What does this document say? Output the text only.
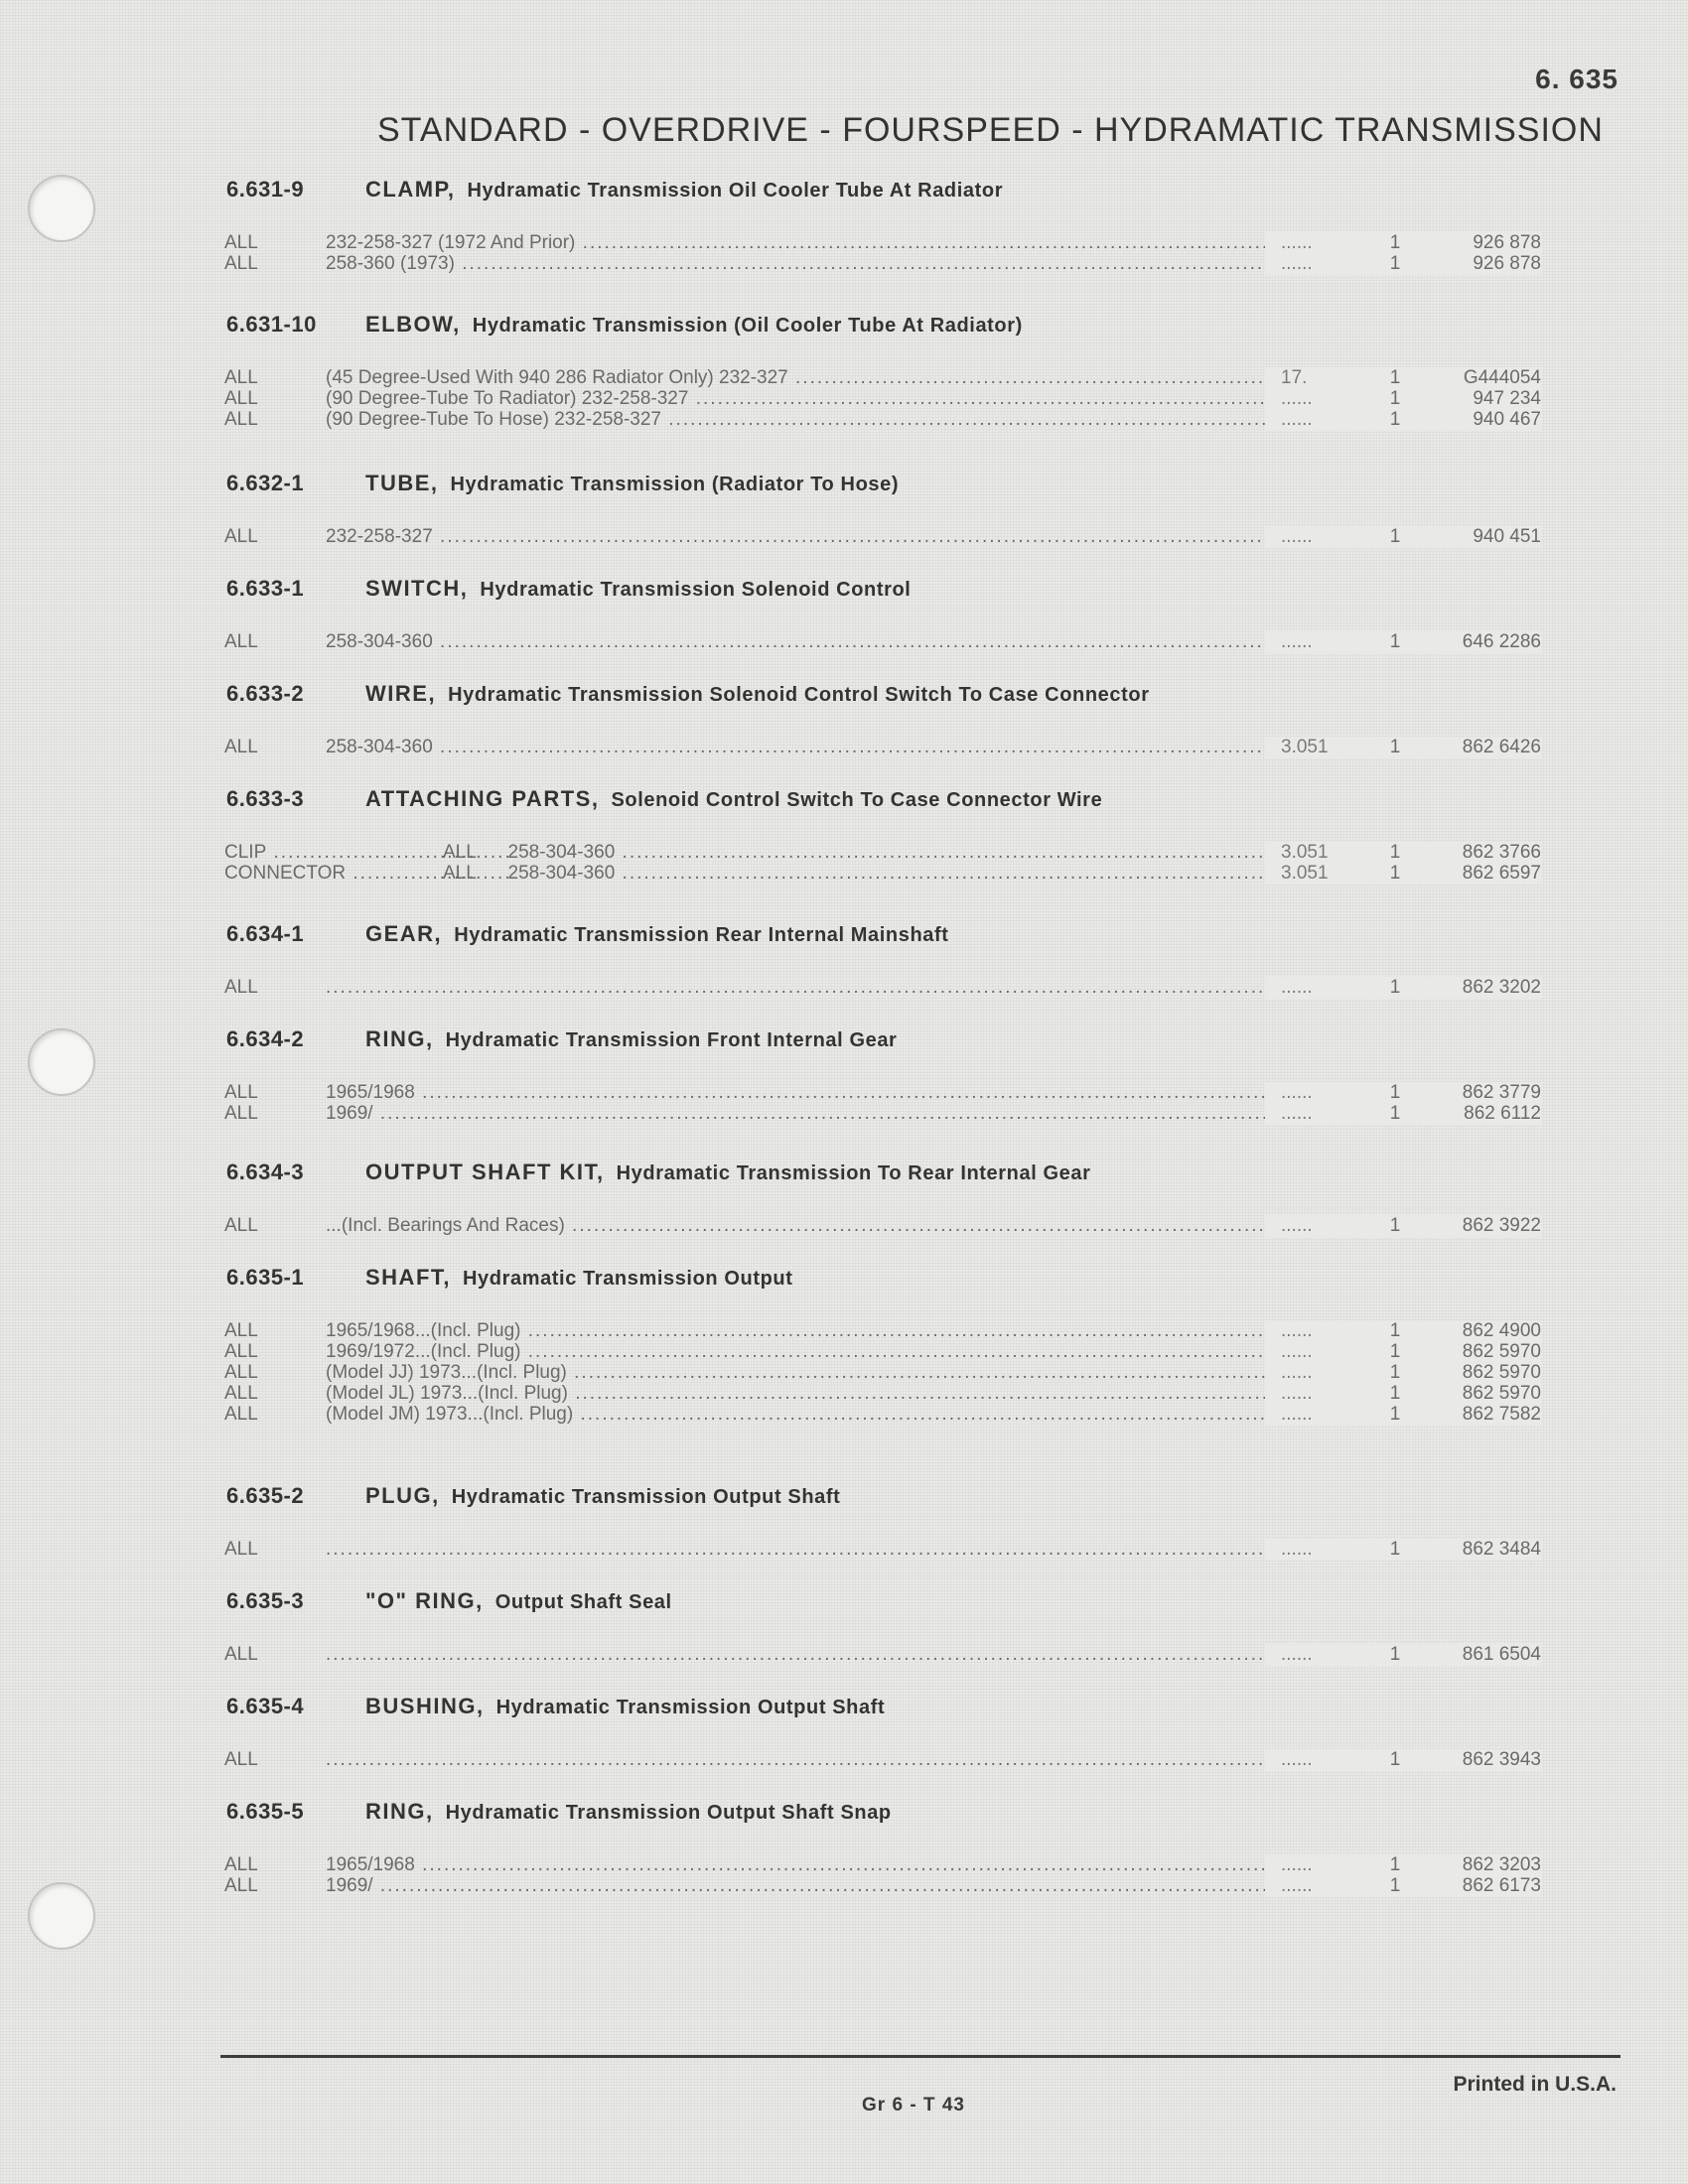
6. 635
STANDARD - OVERDRIVE - FOURSPEED - HYDRAMATIC TRANSMISSION
6.631-9	CLAMP, Hydramatic Transmission Oil Cooler Tube At Radiator
ALL	232-258-327 (1972 And Prior) .....	......	1	926 878
ALL	258-360 (1973) .....	......	1	926 878
6.631-10 ELBOW, Hydramatic Transmission (Oil Cooler Tube At Radiator)
ALL	(45 Degree-Used With 940 286 Radiator Only) 232-327 .....	17.	1	G444054
ALL	(90 Degree-Tube To Radiator) 232-258-327 .....	......	1	947 234
ALL	(90 Degree-Tube To Hose) 232-258-327 .....	......	1	940 467
6.632-1	TUBE, Hydramatic Transmission (Radiator To Hose)
ALL	232-258-327 .....	......	1	940 451
6.633-1	SWITCH, Hydramatic Transmission Solenoid Control
ALL	258-304-360 .....	......	1	646 2286
6.633-2	WIRE, Hydramatic Transmission Solenoid Control Switch To Case Connector
ALL	258-304-360 .....	3.051	1	862 6426
6.633-3	ATTACHING PARTS, Solenoid Control Switch To Case Connector Wire
CLIP .....	ALL 258-304-360 .....	3.051	1	862 3766
CONNECTOR .....	ALL 258-304-360 .....	3.051	1	862 6597
6.634-1	GEAR, Hydramatic Transmission Rear Internal Mainshaft
ALL .....	......	1	862 3202
6.634-2	RING, Hydramatic Transmission Front Internal Gear
ALL	1965/1968 .....	......	1	862 3779
ALL	1969/ .....	......	1	862 6112
6.634-3	OUTPUT SHAFT KIT, Hydramatic Transmission To Rear Internal Gear
ALL	...(Incl. Bearings And Races) .....	......	1	862 3922
6.635-1	SHAFT, Hydramatic Transmission Output
ALL	1965/1968...(Incl. Plug) .....	......	1	862 4900
ALL	1969/1972...(Incl. Plug) .....	......	1	862 5970
ALL	(Model JJ) 1973...(Incl. Plug) .....	......	1	862 5970
ALL	(Model JL) 1973...(Incl. Plug) .....	......	1	862 5970
ALL	(Model JM) 1973...(Incl. Plug) .....	......	1	862 7582
6.635-2	PLUG, Hydramatic Transmission Output Shaft
ALL .....	......	1	862 3484
6.635-3	"O" RING, Output Shaft Seal
ALL .....	......	1	861 6504
6.635-4	BUSHING, Hydramatic Transmission Output Shaft
ALL .....	......	1	862 3943
6.635-5	RING, Hydramatic Transmission Output Shaft Snap
ALL	1965/1968 .....	......	1	862 3203
ALL	1969/ .....	......	1	862 6173
Printed in U.S.A.
Gr 6 - T 43
